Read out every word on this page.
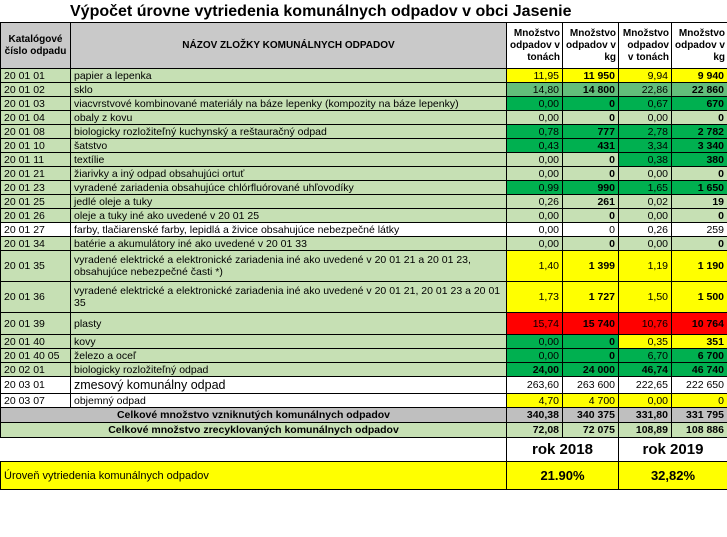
Výpočet úrovne vytriedenia komunálnych odpadov v obci Jasenie
Katalógové číslo odpadu	NÁZOV ZLOŽKY KOMUNÁLNYCH ODPADOV	Množstvo odpadov v tonách	Množstvo odpadov v kg	Množstvo odpadov v tonách	Množstvo odpadov v kg
20 01 01	papier a lepenka	11,95	11 950	9,94	9 940
20 01 02	sklo	14,80	14 800	22,86	22 860
20 01 03	viacvrstvové kombinované materiály na báze lepenky (kompozity na báze lepenky)	0,00	0	0,67	670
20 01 04	obaly z kovu	0,00	0	0,00	0
20 01 08	biologicky rozložiteľný kuchynský a reštauračný odpad	0,78	777	2,78	2 782
20 01 10	šatstvo	0,43	431	3,34	3 340
20 01 11	textílie	0,00	0	0,38	380
20 01 21	žiarivky a iný odpad obsahujúci ortuť	0,00	0	0,00	0
20 01 23	vyradené zariadenia obsahujúce chlórfluórované uhľovodíky	0,99	990	1,65	1 650
20 01 25	jedlé oleje a tuky	0,26	261	0,02	19
20 01 26	oleje a tuky iné ako uvedené v 20 01 25	0,00	0	0,00	0
20 01 27	farby, tlačiarenské farby, lepidlá a živice obsahujúce nebezpečné látky	0,00	0	0,26	259
20 01 34	batérie a akumulátory iné ako uvedené v 20 01 33	0,00	0	0,00	0
20 01 35	vyradené elektrické a elektronické zariadenia iné ako uvedené v 20 01 21 a 20 01 23, obsahujúce nebezpečné časti *)	1,40	1 399	1,19	1 190
20 01 36	vyradené elektrické a elektronické zariadenia iné ako uvedené v 20 01 21, 20 01 23 a 20 01 35	1,73	1 727	1,50	1 500
20 01 39	plasty	15,74	15 740	10,76	10 764
20 01 40	kovy	0,00	0	0,35	351
20 01 40 05	železo a oceľ	0,00	0	6,70	6 700
20 02 01	biologicky rozložiteľný odpad	24,00	24 000	46,74	46 740
20 03 01	zmesový komunálny odpad	263,60	263 600	222,65	222 650
20 03 07	objemný odpad	4,70	4 700	0,00	0
Celkové množstvo vzniknutých komunálnych odpadov		340,38	340 375	331,80	331 795
Celkové množstvo zrecyklovaných komunálnych odpadov		72,08	72 075	108,89	108 886
		rok 2018		rok 2019	
Úroveň vytriedenia komunálnych odpadov		21.90%		32,82%	
